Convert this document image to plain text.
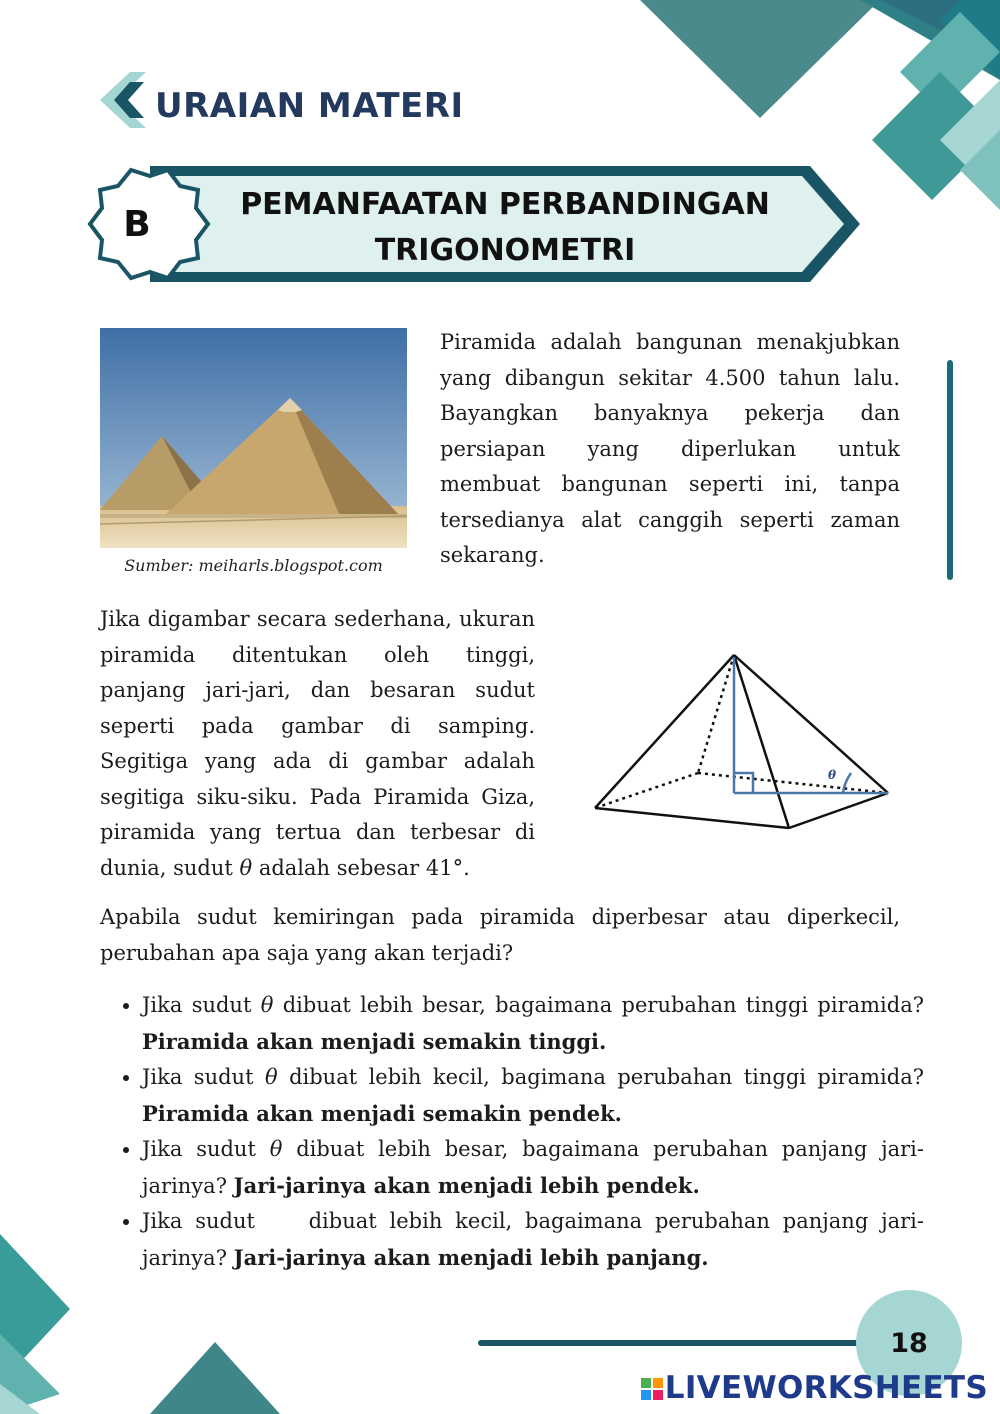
URAIAN MATERI
B	PEMANFAATAN PERBANDINGAN TRIGONOMETRI
Sumber: meiharls.blogspot.com

Piramida adalah bangunan menakjubkan yang dibangun sekitar 4.500 tahun lalu. Bayangkan banyaknya pekerja dan persiapan yang diperlukan untuk membuat bangunan seperti ini, tanpa tersedianya alat canggih seperti zaman sekarang.

Jika digambar secara sederhana, ukuran piramida ditentukan oleh tinggi, panjang jari-jari, dan besaran sudut seperti pada gambar di samping. Segitiga yang ada di gambar adalah segitiga siku-siku. Pada Piramida Giza, piramida yang tertua dan terbesar di dunia, sudut θ adalah sebesar 41°.

θ

Apabila sudut kemiringan pada piramida diperbesar atau diperkecil, perubahan apa saja yang akan terjadi?

• Jika sudut θ dibuat lebih besar, bagaimana perubahan tinggi piramida? Piramida akan menjadi semakin tinggi.
• Jika sudut θ dibuat lebih kecil, bagimana perubahan tinggi piramida? Piramida akan menjadi semakin pendek.
• Jika sudut θ dibuat lebih besar, bagaimana perubahan panjang jari-jarinya? Jari-jarinya akan menjadi lebih pendek.
• Jika sudut	dibuat lebih kecil, bagaimana perubahan panjang jari-jarinya? Jari-jarinya akan menjadi lebih panjang.
18
LIVEWORKSHEETS
